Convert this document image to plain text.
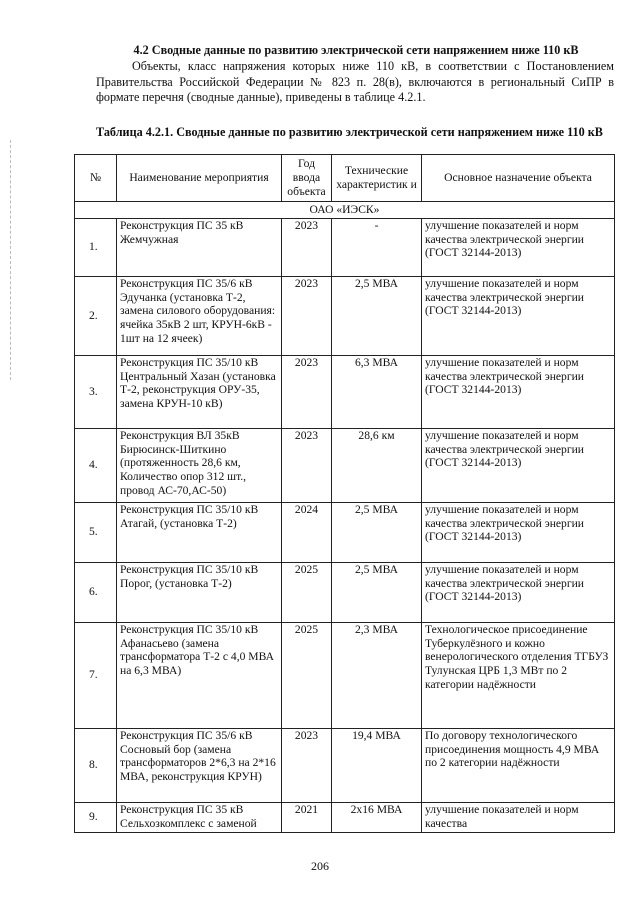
4.2 Сводные данные по развитию электрической сети напряжением ниже 110 кВ
Объекты, класс напряжения которых ниже 110 кВ, в соответствии с Постановлением Правительства Российской Федерации № 823 п. 28(в), включаются в региональный СиПР в формате перечня (сводные данные), приведены в таблице 4.2.1.
Таблица 4.2.1. Сводные данные по развитию электрической сети напряжением ниже 110 кВ
№	Наименование мероприятия	Год ввода объекта	Технические характеристик и	Основное назначение объекта
ОАО «ИЭСК»				
1.	Реконструкция ПС 35 кВ Жемчужная	2023	-	улучшение показателей и норм качества электрической энергии (ГОСТ 32144-2013)
2.	Реконструкция ПС 35/6 кВ Эдучанка (установка Т-2, замена силового оборудования: ячейка 35кВ 2 шт, КРУН-6кВ - 1шт на 12 ячеек)	2023	2,5 МВА	улучшение показателей и норм качества электрической энергии (ГОСТ 32144-2013)
3.	Реконструкция ПС 35/10 кВ Центральный Хазан (установка Т-2, реконструкция ОРУ-35, замена КРУН-10 кВ)	2023	6,3 МВА	улучшение показателей и норм качества электрической энергии (ГОСТ 32144-2013)
4.	Реконструкция ВЛ 35кВ Бирюсинск-Шиткино (протяженность 28,6 км, Количество опор 312 шт., провод АС-70,АС-50)	2023	28,6 км	улучшение показателей и норм качества электрической энергии (ГОСТ 32144-2013)
5.	Реконструкция ПС 35/10 кВ Атагай, (установка Т-2)	2024	2,5 МВА	улучшение показателей и норм качества электрической энергии (ГОСТ 32144-2013)
6.	Реконструкция ПС 35/10 кВ Порог, (установка Т-2)	2025	2,5 МВА	улучшение показателей и норм качества электрической энергии (ГОСТ 32144-2013)
7.	Реконструкция ПС 35/10 кВ Афанасьево (замена трансформатора Т-2 с 4,0 МВА на 6,3 МВА)	2025	2,3 МВА	Технологическое присоединение Туберкулёзного и кожно венерологического отделения ТГБУЗ Тулунская ЦРБ 1,3 МВт по 2 категории надёжности
8.	Реконструкция ПС 35/6 кВ Сосновый бор (замена трансформаторов 2*6,3 на 2*16 МВА, реконструкция КРУН)	2023	19,4 МВА	По договору технологического присоединения мощность 4,9 МВА по 2 категории надёжности
9.	Реконструкция ПС 35 кВ Сельхозкомплекс с заменой	2021	2х16 МВА	улучшение показателей и норм качества
206
